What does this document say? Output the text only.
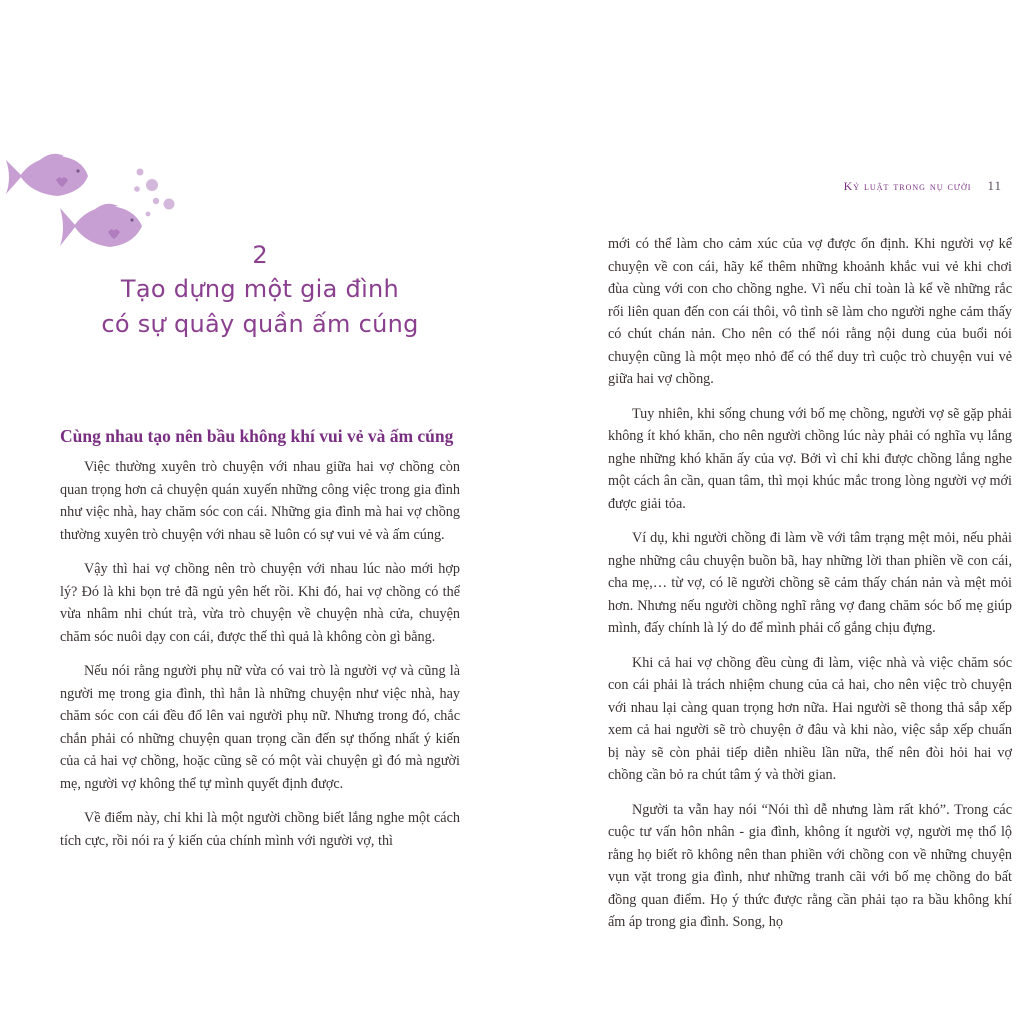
2
Tạo dựng một gia đình
có sự quây quần ấm cúng
Cùng nhau tạo nên bầu không khí vui vẻ và ấm cúng

Việc thường xuyên trò chuyện với nhau giữa hai vợ chồng còn quan trọng hơn cả chuyện quán xuyến những công việc trong gia đình như việc nhà, hay chăm sóc con cái. Những gia đình mà hai vợ chồng thường xuyên trò chuyện với nhau sẽ luôn có sự vui vẻ và ấm cúng.

Vậy thì hai vợ chồng nên trò chuyện với nhau lúc nào mới hợp lý? Đó là khi bọn trẻ đã ngủ yên hết rồi. Khi đó, hai vợ chồng có thể vừa nhâm nhi chút trà, vừa trò chuyện về chuyện nhà cửa, chuyện chăm sóc nuôi dạy con cái, được thế thì quả là không còn gì bằng.

Nếu nói rằng người phụ nữ vừa có vai trò là người vợ và cũng là người mẹ trong gia đình, thì hẳn là những chuyện như việc nhà, hay chăm sóc con cái đều đổ lên vai người phụ nữ. Nhưng trong đó, chắc chắn phải có những chuyện quan trọng cần đến sự thống nhất ý kiến của cả hai vợ chồng, hoặc cũng sẽ có một vài chuyện gì đó mà người mẹ, người vợ không thể tự mình quyết định được.

Về điểm này, chỉ khi là một người chồng biết lắng nghe một cách tích cực, rồi nói ra ý kiến của chính mình với người vợ, thì

Kỷ luật trong nụ cười 11

mới có thể làm cho cảm xúc của vợ được ổn định. Khi người vợ kể chuyện về con cái, hãy kể thêm những khoảnh khắc vui vẻ khi chơi đùa cùng với con cho chồng nghe. Vì nếu chỉ toàn là kể về những rắc rối liên quan đến con cái thôi, vô tình sẽ làm cho người nghe cảm thấy có chút chán nản. Cho nên có thể nói rằng nội dung của buổi nói chuyện cũng là một mẹo nhỏ để có thể duy trì cuộc trò chuyện vui vẻ giữa hai vợ chồng.

Tuy nhiên, khi sống chung với bố mẹ chồng, người vợ sẽ gặp phải không ít khó khăn, cho nên người chồng lúc này phải có nghĩa vụ lắng nghe những khó khăn ấy của vợ. Bởi vì chỉ khi được chồng lắng nghe một cách ân cần, quan tâm, thì mọi khúc mắc trong lòng người vợ mới được giải tỏa.

Ví dụ, khi người chồng đi làm về với tâm trạng mệt mỏi, nếu phải nghe những câu chuyện buồn bã, hay những lời than phiền về con cái, cha mẹ,… từ vợ, có lẽ người chồng sẽ cảm thấy chán nản và mệt mỏi hơn. Nhưng nếu người chồng nghĩ rằng vợ đang chăm sóc bố mẹ giúp mình, đấy chính là lý do để mình phải cố gắng chịu đựng.

Khi cả hai vợ chồng đều cùng đi làm, việc nhà và việc chăm sóc con cái phải là trách nhiệm chung của cả hai, cho nên việc trò chuyện với nhau lại càng quan trọng hơn nữa. Hai người sẽ thong thả sắp xếp xem cả hai người sẽ trò chuyện ở đâu và khi nào, việc sắp xếp chuẩn bị này sẽ còn phải tiếp diễn nhiều lần nữa, thế nên đòi hỏi hai vợ chồng cần bỏ ra chút tâm ý và thời gian.

Người ta vẫn hay nói “Nói thì dễ nhưng làm rất khó”. Trong các cuộc tư vấn hôn nhân - gia đình, không ít người vợ, người mẹ thổ lộ rằng họ biết rõ không nên than phiền với chồng con về những chuyện vụn vặt trong gia đình, như những tranh cãi với bố mẹ chồng do bất đồng quan điểm. Họ ý thức được rằng cần phải tạo ra bầu không khí ấm áp trong gia đình. Song, họ
